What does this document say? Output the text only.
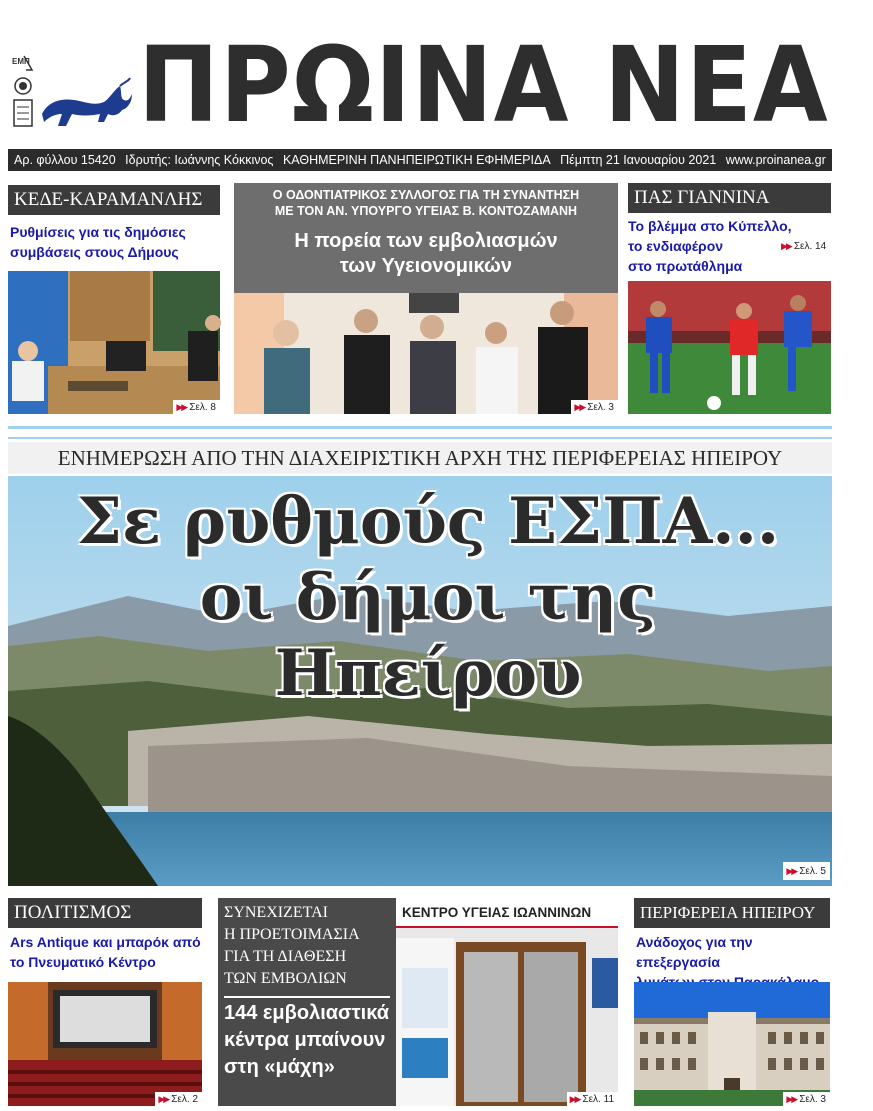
ΕΜΠ ΠΡΩΙΝΑ ΝΕΑ
Αρ. φύλλου 15420 Ιδρυτής: Ιωάννης Κόκκινος ΚΑΘΗΜΕΡΙΝΗ ΠΑΝΗΠΕΙΡΩΤΙΚΗ ΕΦΗΜΕΡΙΔΑ Πέμπτη 21 Ιανουαρίου 2021 www.proinanea.gr €0,50
ΚΕΔΕ-ΚΑΡΑΜΑΝΛΗΣ
Ρυθμίσεις για τις δημόσιες
συμβάσεις στους Δήμους
▶▶ Σελ. 8
Ο ΟΔΟΝΤΙΑΤΡΙΚΟΣ ΣΥΛΛΟΓΟΣ ΓΙΑ ΤΗ ΣΥΝΑΝΤΗΣΗ
ΜΕ ΤΟΝ ΑΝ. ΥΠΟΥΡΓΟ ΥΓΕΙΑΣ Β. ΚΟΝΤΟΖΑΜΑΝΗ
Η πορεία των εμβολιασμών
των Υγειονομικών
▶▶ Σελ. 3
ΠΑΣ ΓΙΑΝΝΙΝΑ
Το βλέμμα στο Κύπελλο,
το ενδιαφέρον
στο πρωτάθλημα
▶▶ Σελ. 14
ΕΝΗΜΕΡΩΣΗ ΑΠΟ ΤΗΝ ΔΙΑΧΕΙΡΙΣΤΙΚΗ ΑΡΧΗ ΤΗΣ ΠΕΡΙΦΕΡΕΙΑΣ ΗΠΕΙΡΟΥ
Σε ρυθμούς ΕΣΠΑ...
οι δήμοι της Ηπείρου
▶▶ Σελ. 5
ΠΟΛΙΤΙΣΜΟΣ
Ars Antique και μπαρόκ από
το Πνευματικό Κέντρο
▶▶ Σελ. 2
ΣΥΝΕΧΙΖΕΤΑΙ
Η ΠΡΟΕΤΟΙΜΑΣΙΑ
ΓΙΑ ΤΗ ΔΙΑΘΕΣΗ
ΤΩΝ ΕΜΒΟΛΙΩΝ
144 εμβολιαστικά
κέντρα μπαίνουν
στη «μάχη»
ΚΕΝΤΡΟ ΥΓΕΙΑΣ ΙΩΑΝΝΙΝΩΝ
▶▶ Σελ. 11
ΠΕΡΙΦΕΡΕΙΑ ΗΠΕΙΡΟΥ
Ανάδοχος για την επεξεργασία
▶▶ Σελ. 3
